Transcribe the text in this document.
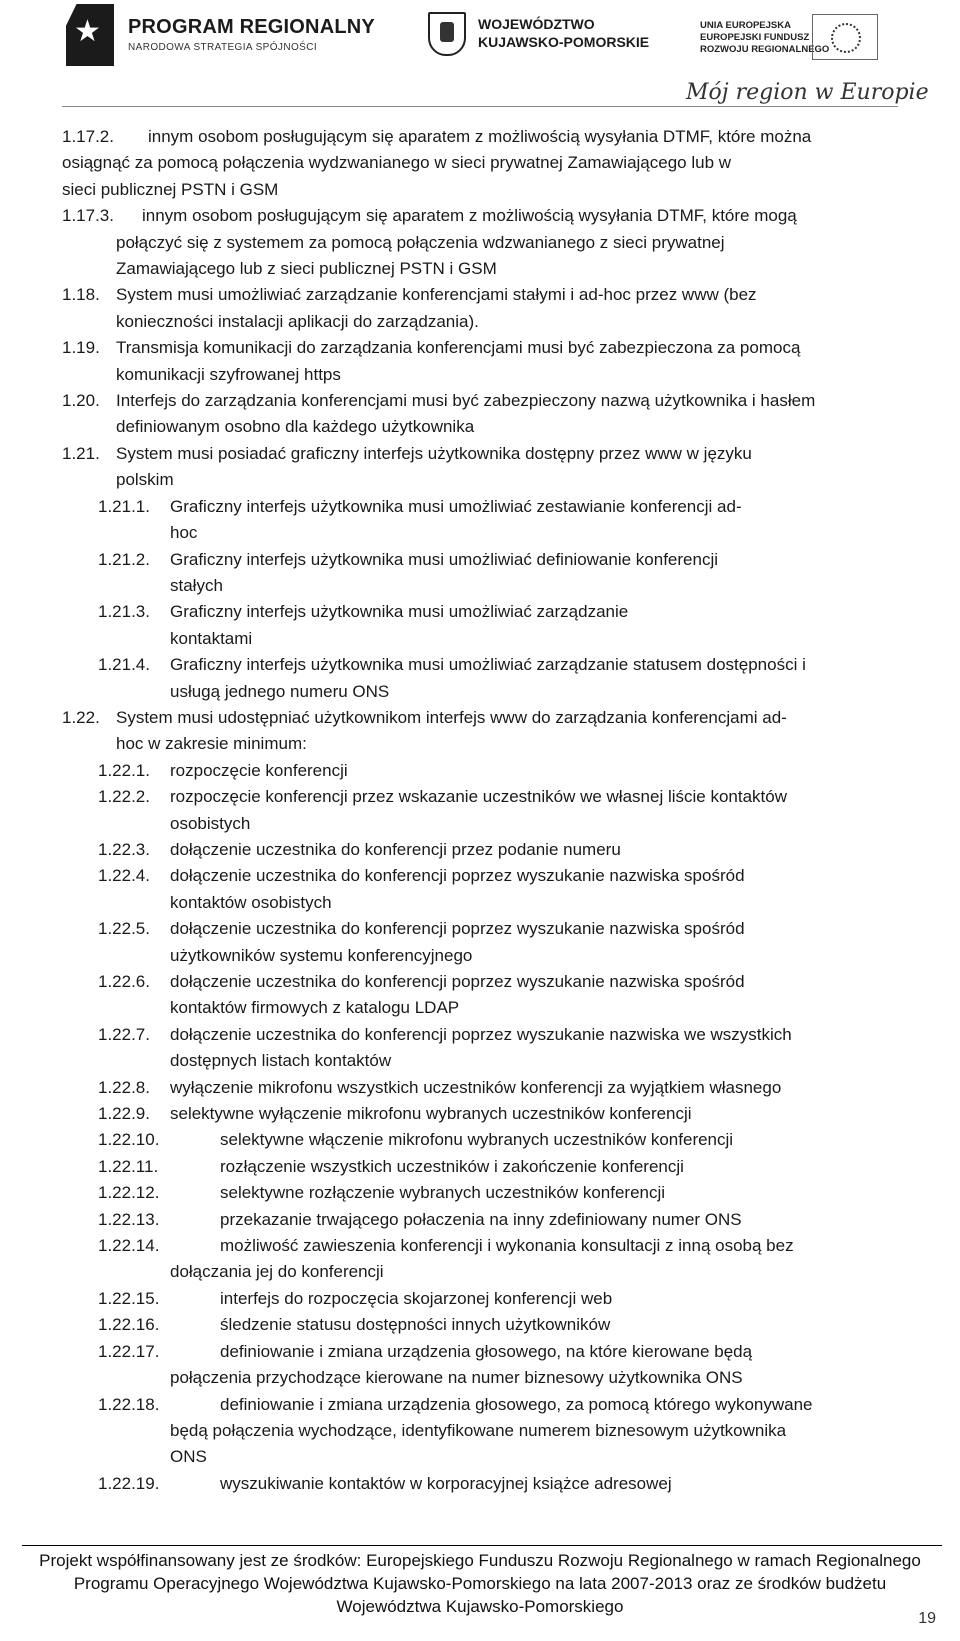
★
PROGRAM REGIONALNY
NARODOWA STRATEGIA SPÓJNOŚCI
WOJEWÓDZTWO
KUJAWSKO-POMORSKIE
UNIA EUROPEJSKA
EUROPEJSKI FUNDUSZ
ROZWOJU REGIONALNEGO
Mój region w Europie
1.17.2.	innym osobom posługującym się aparatem z możliwością wysyłania DTMF, które można
osiągnąć za pomocą połączenia wydzwanianego w sieci prywatnej Zamawiającego lub w
sieci publicznej PSTN i GSM
1.17.3.	innym osobom posługującym się aparatem z możliwością wysyłania DTMF, które mogą
połączyć się z systemem za pomocą połączenia wdzwanianego z sieci prywatnej
Zamawiającego lub z sieci publicznej PSTN i GSM
1.18. System musi umożliwiać zarządzanie konferencjami stałymi i ad-hoc przez www (bez
konieczności instalacji aplikacji do zarządzania).
1.19. Transmisja komunikacji do zarządzania konferencjami musi być zabezpieczona za pomocą
komunikacji szyfrowanej https
1.20. Interfejs do zarządzania konferencjami musi być zabezpieczony nazwą użytkownika i hasłem
definiowanym osobno dla każdego użytkownika
1.21. System musi posiadać graficzny interfejs użytkownika dostępny przez www w języku
polskim
1.21.1.	Graficzny interfejs użytkownika musi umożliwiać zestawianie konferencji ad-
hoc
1.21.2.	Graficzny interfejs użytkownika musi umożliwiać definiowanie konferencji
stałych
1.21.3.	Graficzny interfejs użytkownika musi umożliwiać zarządzanie
kontaktami
1.21.4.	Graficzny interfejs użytkownika musi umożliwiać zarządzanie statusem dostępności i
usługą jednego numeru ONS
1.22. System musi udostępniać użytkownikom interfejs www do zarządzania konferencjami ad-
hoc w zakresie minimum:
1.22.1.	rozpoczęcie konferencji
1.22.2.	rozpoczęcie konferencji przez wskazanie uczestników we własnej liście kontaktów
osobistych
1.22.3.	dołączenie uczestnika do konferencji przez podanie numeru
1.22.4.	dołączenie uczestnika do konferencji poprzez wyszukanie nazwiska spośród
kontaktów osobistych
1.22.5.	dołączenie uczestnika do konferencji poprzez wyszukanie nazwiska spośród
użytkowników systemu konferencyjnego
1.22.6.	dołączenie uczestnika do konferencji poprzez wyszukanie nazwiska spośród
kontaktów firmowych z katalogu LDAP
1.22.7.	dołączenie uczestnika do konferencji poprzez wyszukanie nazwiska we wszystkich
dostępnych listach kontaktów
1.22.8.	wyłączenie mikrofonu wszystkich uczestników konferencji za wyjątkiem własnego
1.22.9.	selektywne wyłączenie mikrofonu wybranych uczestników konferencji
1.22.10.	selektywne włączenie mikrofonu wybranych uczestników konferencji
1.22.11.	rozłączenie wszystkich uczestników i zakończenie konferencji
1.22.12.	selektywne rozłączenie wybranych uczestników konferencji
1.22.13.	przekazanie trwającego połaczenia na inny zdefiniowany numer ONS
1.22.14.	możliwość zawieszenia konferencji i wykonania konsultacji z inną osobą bez
dołączania jej do konferencji
1.22.15.	interfejs do rozpoczęcia skojarzonej konferencji web
1.22.16.	śledzenie statusu dostępności innych użytkowników
1.22.17.	definiowanie i zmiana urządzenia głosowego, na które kierowane będą
połączenia przychodzące kierowane na numer biznesowy użytkownika ONS
1.22.18.	definiowanie i zmiana urządzenia głosowego, za pomocą którego wykonywane
będą połączenia wychodzące, identyfikowane numerem biznesowym użytkownika
ONS
1.22.19.	wyszukiwanie kontaktów w korporacyjnej książce adresowej
Projekt współfinansowany jest ze środków: Europejskiego Funduszu Rozwoju Regionalnego w ramach Regionalnego
Programu Operacyjnego Województwa Kujawsko-Pomorskiego na lata 2007-2013 oraz ze środków budżetu
Województwa Kujawsko-Pomorskiego
19
